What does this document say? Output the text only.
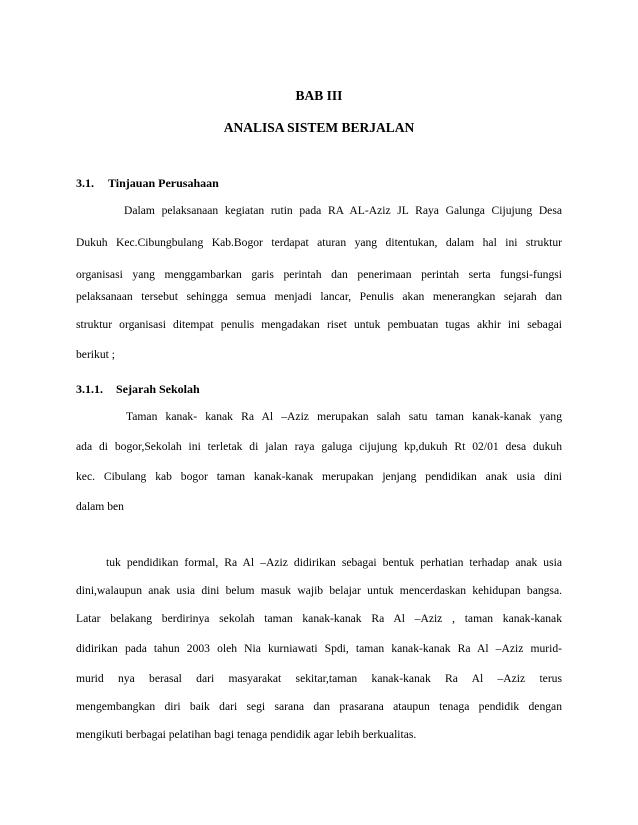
BAB III
ANALISA SISTEM BERJALAN
3.1. Tinjauan Perusahaan
Dalam pelaksanaan kegiatan rutin pada RA AL-Aziz JL Raya Galunga Cijujung Desa
Dukuh Kec.Cibungbulang Kab.Bogor terdapat aturan yang ditentukan, dalam hal ini struktur
organisasi yang menggambarkan garis perintah dan penerimaan perintah serta fungsi-fungsi
pelaksanaan tersebut sehingga semua menjadi lancar, Penulis akan menerangkan sejarah dan
struktur organisasi ditempat penulis mengadakan riset untuk pembuatan tugas akhir ini sebagai
berikut ;
3.1.1. Sejarah Sekolah
Taman kanak- kanak Ra Al –Aziz merupakan salah satu taman kanak-kanak yang
ada di bogor,Sekolah ini terletak di jalan raya galuga cijujung kp,dukuh Rt 02/01 desa dukuh
kec. Cibulang kab bogor taman kanak-kanak merupakan jenjang pendidikan anak usia dini
dalam ben
tuk pendidikan formal, Ra Al –Aziz didirikan sebagai bentuk perhatian terhadap anak usia
dini,walaupun anak usia dini belum masuk wajib belajar untuk mencerdaskan kehidupan bangsa.
Latar belakang berdirinya sekolah taman kanak-kanak Ra Al –Aziz , taman kanak-kanak
didirikan pada tahun 2003 oleh Nia kurniawati Spdi, taman kanak-kanak Ra Al –Aziz murid-
murid nya berasal dari masyarakat sekitar,taman kanak-kanak Ra Al –Aziz terus
mengembangkan diri baik dari segi sarana dan prasarana ataupun tenaga pendidik dengan
mengikuti berbagai pelatihan bagi tenaga pendidik agar lebih berkualitas.
